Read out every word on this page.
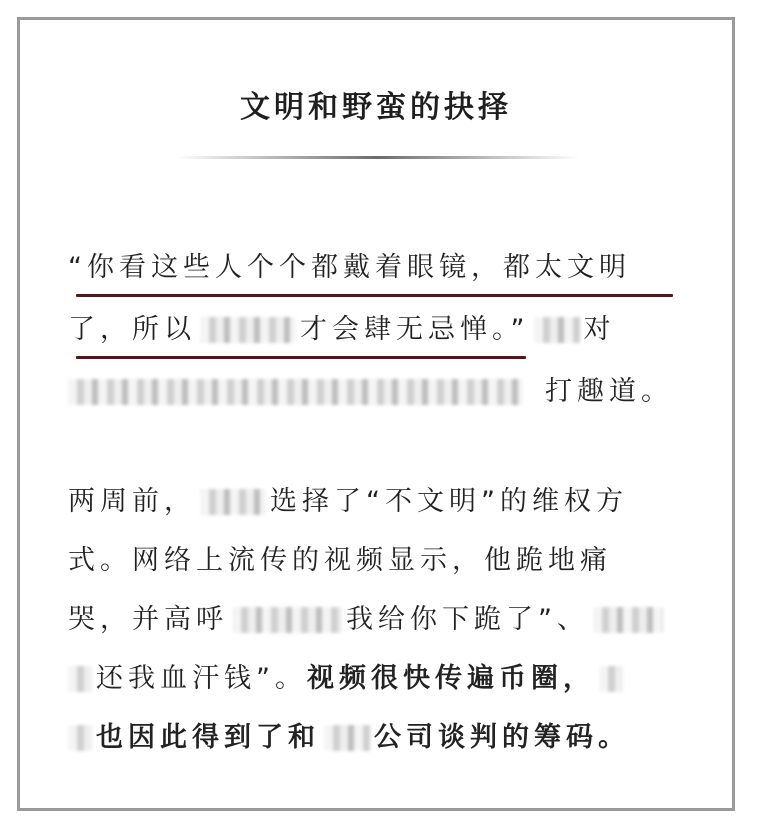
文明和野蛮的抉择
“你看这些人个个都戴着眼镜，都太文明
了，所以	才会肆无忌惮。” 对
打趣道。
两周前，	选择了“不文明”的维权方
式。网络上流传的视频显示，他跪地痛
哭，并高呼	我给你下跪了”、
还我血汗钱”。 视频很快传遍币圈，
也因此得到了和 公司谈判的筹码。
